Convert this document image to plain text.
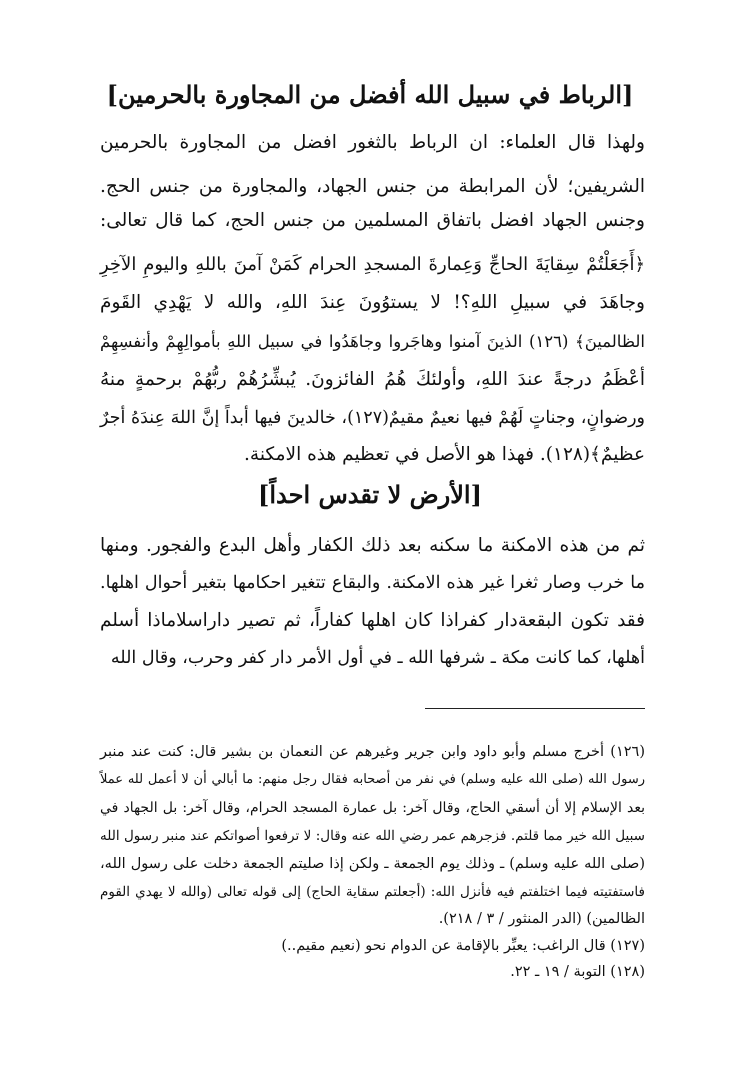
[الرباط في سبيل الله أفضل من المجاورة بالحرمين]
ولهذا قال العلماء: ان الرباط بالثغور افضل من المجاورة بالحرمين
الشريفين؛ لأن المرابطة من جنس الجهاد، والمجاورة من جنس الحج.
وجنس الجهاد افضل باتفاق المسلمين من جنس الحج، كما قال تعالى:
﴿أَجَعَلْتُمْ سِقايَةَ الحاجِّ وَعِمارةَ المسجدِ الحرام كَمَنْ آمنَ باللهِ واليومِ الآخِرِ
وجاهَدَ في سبيلِ اللهِ؟! لا يستوُونَ عِندَ اللهِ، والله لا يَهْدِي القَومَ
الظالمينَ﴾ (١٢٦) الذينَ آمنوا وهاجَروا وجاهَدُوا في سبيل اللهِ بأموالِهِمْ وأنفسِهِمْ
أعْظَمُ درجةً عندَ اللهِ، وأولئكَ هُمُ الفائزونَ. يُبشِّرُهُمْ ربُّهُمْ برحمةٍ منهُ
ورضوانٍ، وجناتٍ لَهُمْ فيها نعيمٌ مقيمٌ(١٢٧)، خالدينَ فيها أبداً إنَّ اللهَ عِندَهُ أجرٌ
عظيمٌ﴾(١٢٨). فهذا هو الأصل في تعظيم هذه الامكنة.
[الأرض لا تقدس احداً]
ثم من هذه الامكنة ما سكنه بعد ذلك الكفار وأهل البدع والفجور. ومنها
ما خرب وصار ثغرا غير هذه الامكنة. والبقاع تتغير احكامها بتغير أحوال اهلها.
فقد تكون البقعةدار كفراذا كان اهلها كفاراً، ثم تصير داراسلاماذا أسلم
أهلها، كما كانت مكة ـ شرفها الله ـ في أول الأمر دار كفر وحرب، وقال الله
(١٢٦) أخرج مسلم وأبو داود وابن جرير وغيرهم عن النعمان بن بشير قال: كنت عند منبر
رسول الله (صلى الله عليه وسلم) في نفر من أصحابه فقال رجل منهم: ما أبالي أن لا أعمل لله عملاً
بعد الإسلام إلا أن أسقي الحاج، وقال آخر: بل عمارة المسجد الحرام، وقال آخر: بل الجهاد في
سبيل الله خير مما قلتم. فزجرهم عمر رضي الله عنه وقال: لا ترفعوا أصواتكم عند منبر رسول الله
(صلى الله عليه وسلم) ـ وذلك يوم الجمعة ـ ولكن إذا صليتم الجمعة دخلت على رسول الله،
فاستفتيته فيما اختلفتم فيه فأنزل الله: (أجعلتم سقاية الحاج) إلى قوله تعالى (والله لا يهدي القوم
الظالمين) (الدر المنثور / ٣ / ٢١٨).
(١٢٧) قال الراغب: يعبِّر بالإقامة عن الدوام نحو (نعيم مقيم..)
(١٢٨) التوبة / ١٩ ـ ٢٢.
